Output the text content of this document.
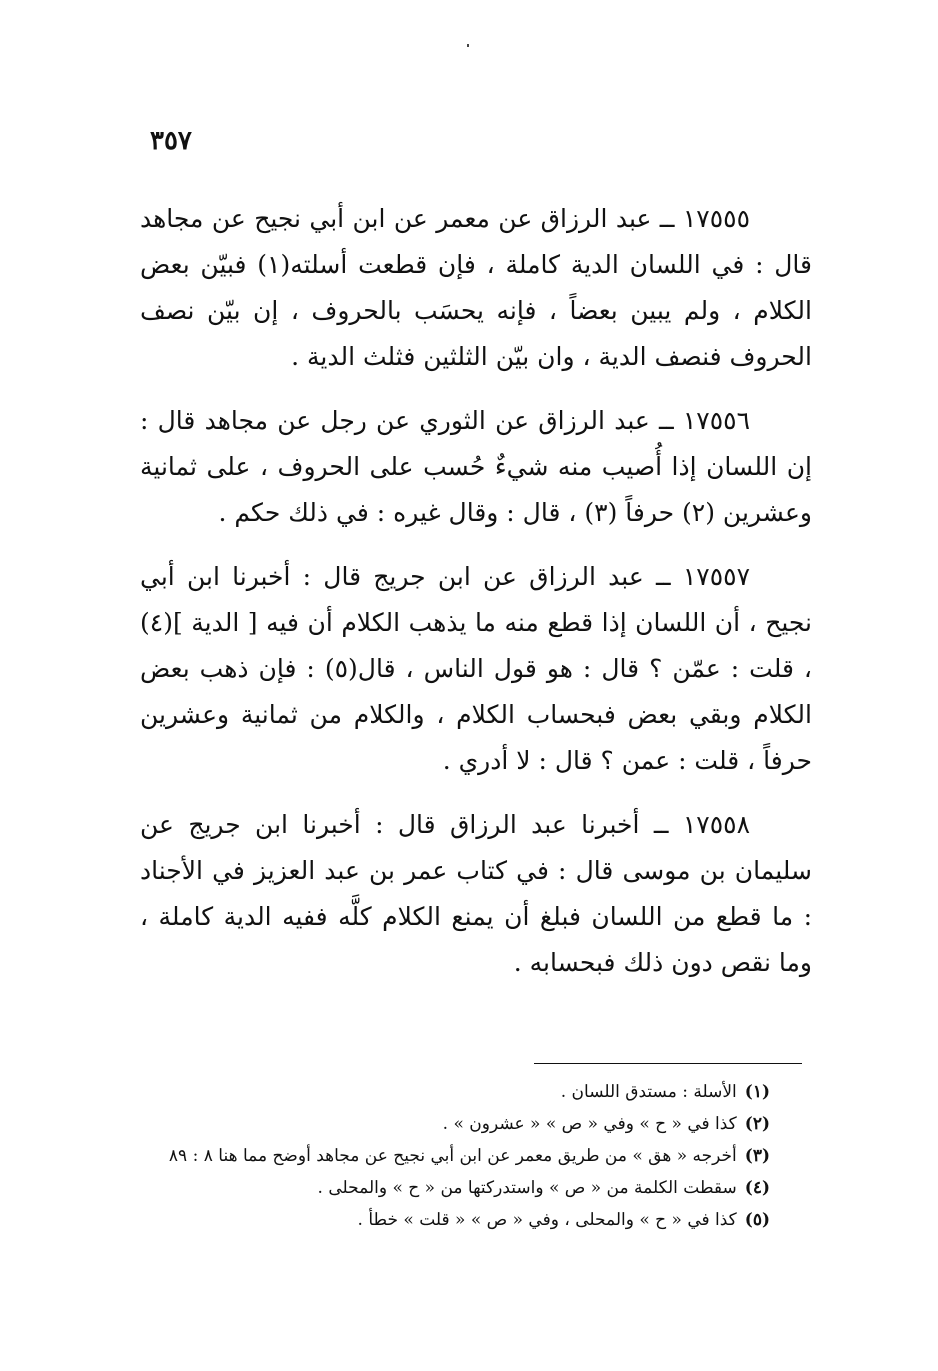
٣٥٧

١٧٥٥٥ ــ عبد الرزاق عن معمر عن ابن أبي نجيح عن مجاهد قال : في اللسان الدية كاملة ، فإن قطعت أسلته(١) فبيّن بعض الكلام ، ولم يبين بعضاً ، فإنه يحسَب بالحروف ، إن بيّن نصف الحروف فنصف الدية ، وان بيّن الثلثين فثلث الدية .

١٧٥٥٦ ــ عبد الرزاق عن الثوري عن رجل عن مجاهد قال : إن اللسان إذا أُصيب منه شيءٌ حُسب على الحروف ، على ثمانية وعشرين (٢) حرفاً (٣) ، قال : وقال غيره : في ذلك حكم .

١٧٥٥٧ ــ عبد الرزاق عن ابن جريج قال : أخبرنا ابن أبي نجيح ، أن اللسان إذا قطع منه ما يذهب الكلام أن فيه [ الدية ](٤) ، قلت : عمّن ؟ قال : هو قول الناس ، قال(٥) : فإن ذهب بعض الكلام وبقي بعض فبحساب الكلام ، والكلام من ثمانية وعشرين حرفاً ، قلت : عمن ؟ قال : لا أدري .

١٧٥٥٨ ــ أخبرنا عبد الرزاق قال : أخبرنا ابن جريج عن سليمان بن موسى قال : في كتاب عمر بن عبد العزيز في الأجناد : ما قطع من اللسان فبلغ أن يمنع الكلام كلَّه ففيه الدية كاملة ، وما نقص دون ذلك فبحسابه .

(١)الأسلة : مستدق اللسان .

(٢)كذا في « ح » وفي « ص » « عشرون » .

(٣)أخرجه « هق » من طريق معمر عن ابن أبي نجيح عن مجاهد أوضح مما هنا ٨ : ٨٩

(٤)سقطت الكلمة من « ص » واستدركتها من « ح » والمحلى .

(٥)كذا في « ح » والمحلى ، وفي « ص » « قلت » خطأ .
